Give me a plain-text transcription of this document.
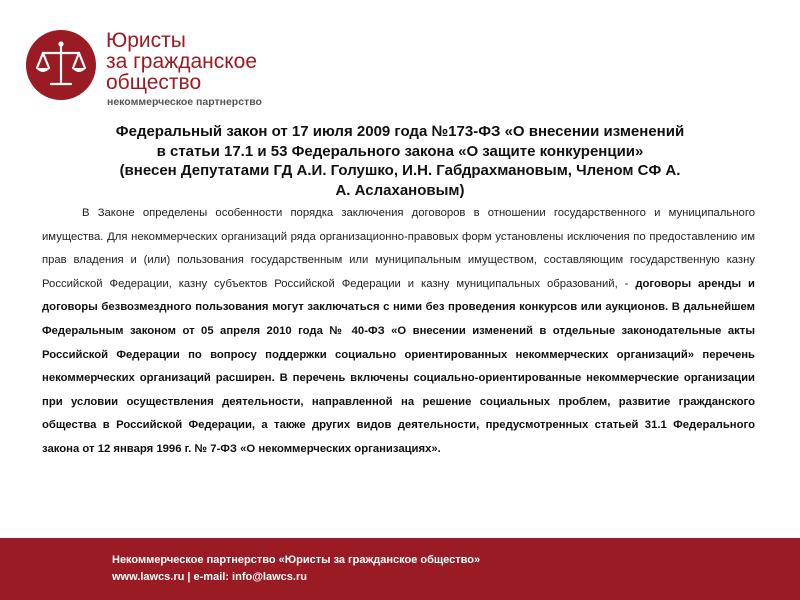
Юристы
за гражданское
общество
некоммерческое партнерство
Федеральный закон от 17 июля 2009 года №173-ФЗ «О внесении изменений
в статьи 17.1 и 53 Федерального закона «О защите конкуренции»
(внесен Депутатами ГД А.И. Голушко, И.Н. Габдрахмановым, Членом СФ А.
А. Аслахановым)

В Законе определены особенности порядка заключения договоров в отношении государственного и муниципального имущества. Для некоммерческих организаций ряда организационно-правовых форм установлены исключения по предоставлению им прав владения и (или) пользования государственным или муниципальным имуществом, составляющим государственную казну Российской Федерации, казну субъектов Российской Федерации и казну муниципальных образований, - договоры аренды и договоры безвозмездного пользования могут заключаться с ними без проведения конкурсов или аукционов. В дальнейшем Федеральным законом от 05 апреля 2010 года № 40-ФЗ «О внесении изменений в отдельные законодательные акты Российской Федерации по вопросу поддержки социально ориентированных некоммерческих организаций» перечень некоммерческих организаций расширен. В перечень включены социально-ориентированные некоммерческие организации при условии осуществления деятельности, направленной на решение социальных проблем, развитие гражданского общества в Российской Федерации, а также других видов деятельности, предусмотренных статьей 31.1 Федерального закона от 12 января 1996 г. № 7-ФЗ «О некоммерческих организациях».

Некоммерческое партнерство «Юристы за гражданское общество»
www.lawcs.ru | e-mail: info@lawcs.ru
